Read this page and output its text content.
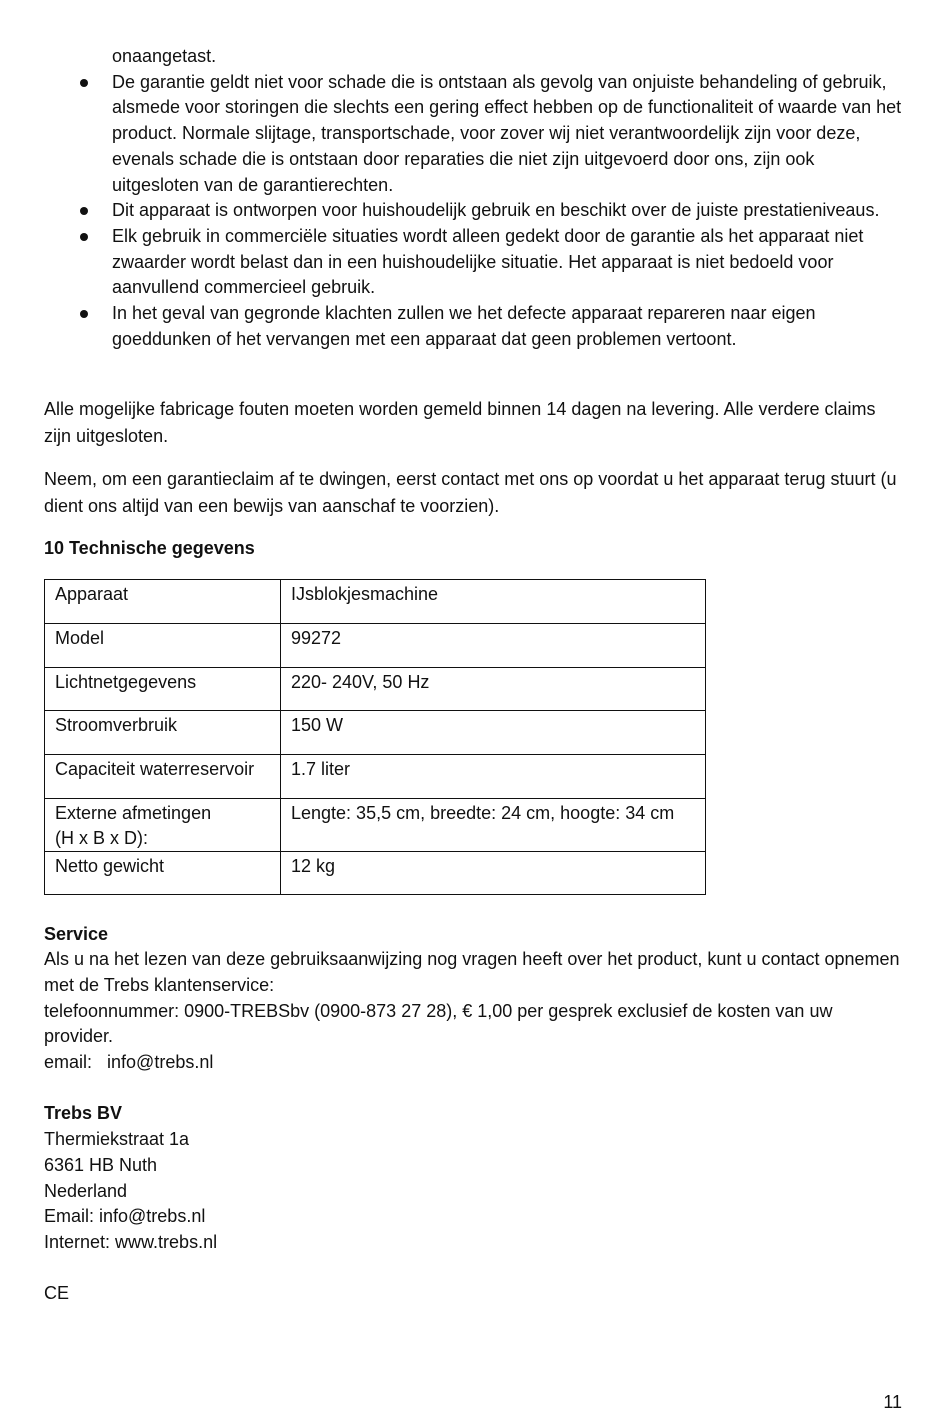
onaangetast.

De garantie geldt niet voor schade die is ontstaan als gevolg van onjuiste behandeling of gebruik, alsmede voor storingen die slechts een gering effect hebben op de functionaliteit of waarde van het product. Normale slijtage, transportschade, voor zover wij niet verantwoordelijk zijn voor deze, evenals schade die is ontstaan door reparaties die niet zijn uitgevoerd door ons, zijn ook uitgesloten van de garantierechten.
Dit apparaat is ontworpen voor huishoudelijk gebruik en beschikt over de juiste prestatieniveaus.
Elk gebruik in commerciële situaties wordt alleen gedekt door de garantie als het apparaat niet zwaarder wordt belast dan in een huishoudelijke situatie. Het apparaat is niet bedoeld voor aanvullend commercieel gebruik.
In het geval van gegronde klachten zullen we het defecte apparaat repareren naar eigen goeddunken of het vervangen met een apparaat dat geen problemen vertoont.

Alle mogelijke fabricage fouten moeten worden gemeld binnen 14 dagen na levering. Alle verdere claims zijn uitgesloten.

Neem, om een garantieclaim af te dwingen, eerst contact met ons op voordat u het apparaat terug stuurt (u dient ons altijd van een bewijs van aanschaf te voorzien).

10 Technische gegevens

Apparaat	IJsblokjesmachine
Model	99272
Lichtnetgegevens	220- 240V, 50 Hz
Stroomverbruik	150 W
Capaciteit waterreservoir	1.7 liter
Externe afmetingen
(H x B x D):	Lengte: 35,5 cm, breedte: 24 cm, hoogte: 34 cm
Netto gewicht	12 kg
Service
Als u na het lezen van deze gebruiksaanwijzing nog vragen heeft over het product, kunt u contact opnemen met de Trebs klantenservice:
telefoonnummer: 0900-TREBSbv (0900-873 27 28), € 1,00 per gesprek exclusief de kosten van uw provider.
email: info@trebs.nl
Trebs BV
Thermiekstraat 1a
6361 HB Nuth
Nederland
Email: info@trebs.nl
Internet: www.trebs.nl
CE
11
